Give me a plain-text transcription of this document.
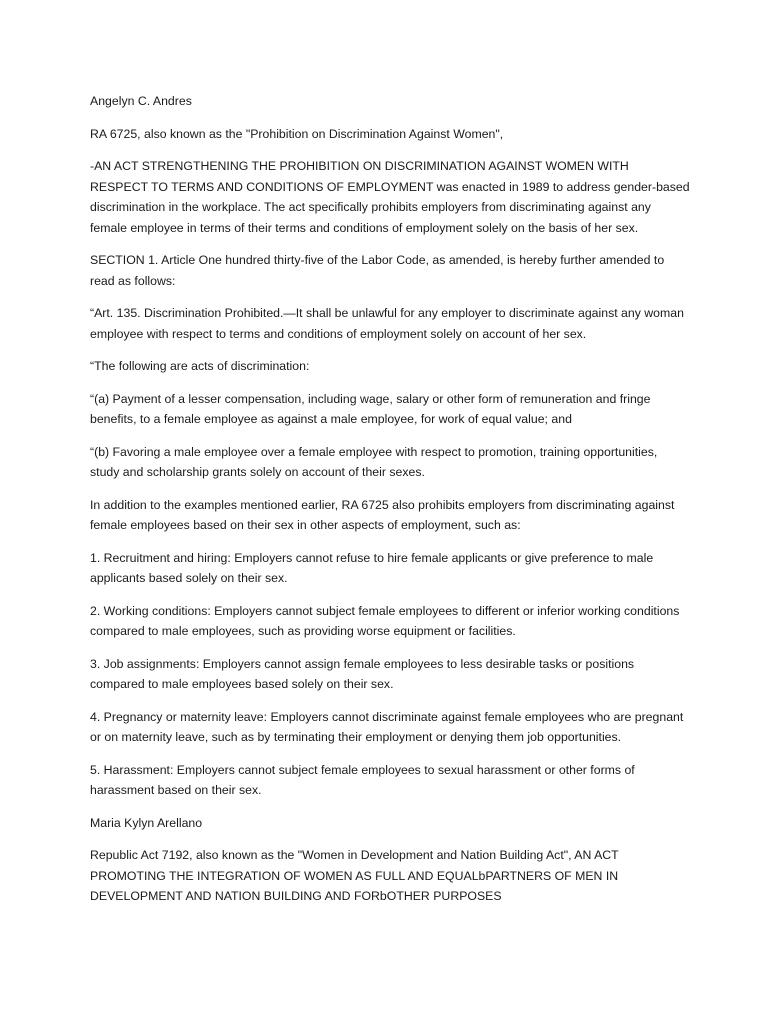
Angelyn C. Andres

RA 6725, also known as the "Prohibition on Discrimination Against Women",

-AN ACT STRENGTHENING THE PROHIBITION ON DISCRIMINATION AGAINST WOMEN WITH RESPECT TO TERMS AND CONDITIONS OF EMPLOYMENT was enacted in 1989 to address gender-based discrimination in the workplace. The act specifically prohibits employers from discriminating against any female employee in terms of their terms and conditions of employment solely on the basis of her sex.

SECTION 1. Article One hundred thirty-five of the Labor Code, as amended, is hereby further amended to read as follows:

“Art. 135. Discrimination Prohibited.—It shall be unlawful for any employer to discriminate against any woman employee with respect to terms and conditions of employment solely on account of her sex.

“The following are acts of discrimination:

“(a) Payment of a lesser compensation, including wage, salary or other form of remuneration and fringe benefits, to a female employee as against a male employee, for work of equal value; and

“(b) Favoring a male employee over a female employee with respect to promotion, training opportunities, study and scholarship grants solely on account of their sexes.

In addition to the examples mentioned earlier, RA 6725 also prohibits employers from discriminating against female employees based on their sex in other aspects of employment, such as:

1. Recruitment and hiring: Employers cannot refuse to hire female applicants or give preference to male applicants based solely on their sex.

2. Working conditions: Employers cannot subject female employees to different or inferior working conditions compared to male employees, such as providing worse equipment or facilities.

3. Job assignments: Employers cannot assign female employees to less desirable tasks or positions compared to male employees based solely on their sex.

4. Pregnancy or maternity leave: Employers cannot discriminate against female employees who are pregnant or on maternity leave, such as by terminating their employment or denying them job opportunities.

5. Harassment: Employers cannot subject female employees to sexual harassment or other forms of harassment based on their sex.

Maria Kylyn Arellano

Republic Act 7192, also known as the "Women in Development and Nation Building Act", AN ACT PROMOTING THE INTEGRATION OF WOMEN AS FULL AND EQUALbPARTNERS OF MEN IN DEVELOPMENT AND NATION BUILDING AND FORbOTHER PURPOSES
